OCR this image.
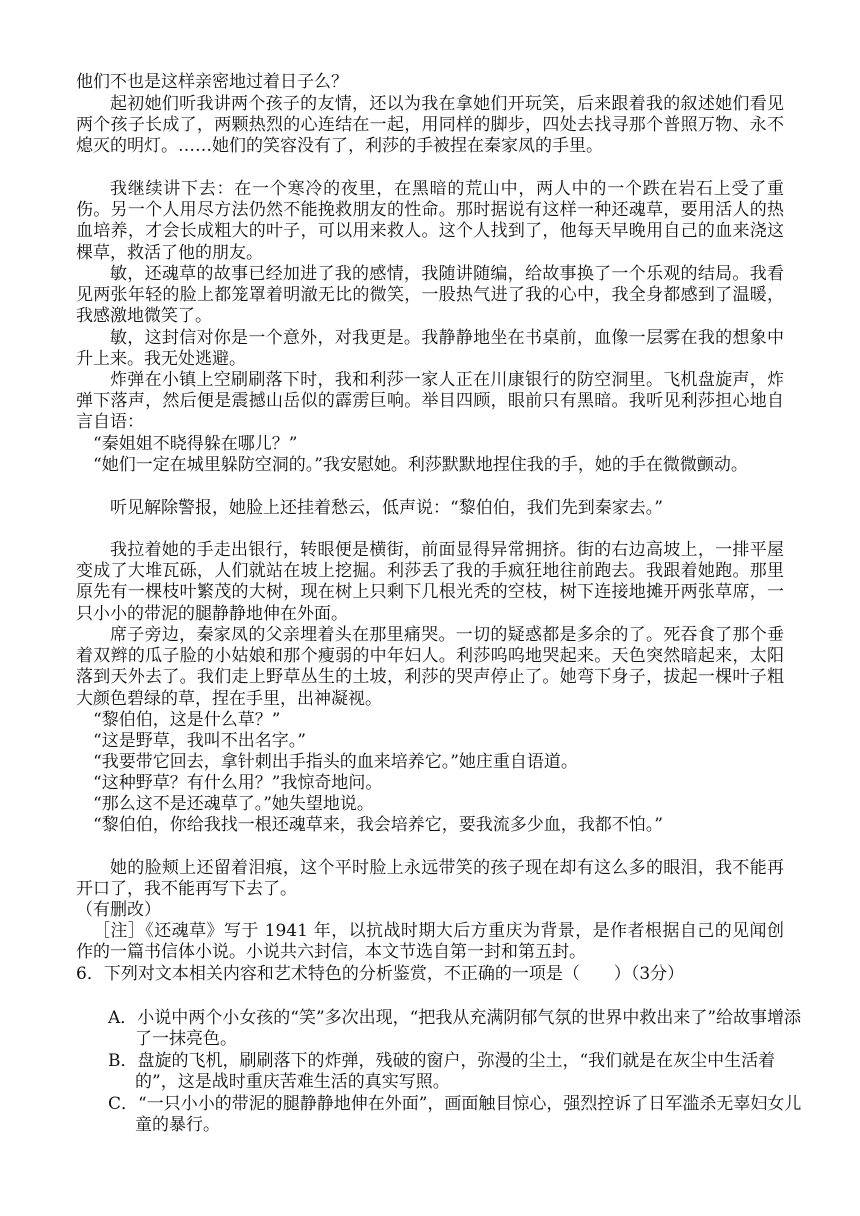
他们不也是这样亲密地过着日子么？

起初她们听我讲两个孩子的友情，还以为我在拿她们开玩笑，后来跟着我的叙述她们看见两个孩子长成了，两颗热烈的心连结在一起，用同样的脚步，四处去找寻那个普照万物、永不熄灭的明灯。……她们的笑容没有了，利莎的手被捏在秦家凤的手里。

我继续讲下去：在一个寒冷的夜里，在黑暗的荒山中，两人中的一个跌在岩石上受了重伤。另一个人用尽方法仍然不能挽救朋友的性命。那时据说有这样一种还魂草，要用活人的热血培养，才会长成粗大的叶子，可以用来救人。这个人找到了，他每天早晚用自己的血来浇这棵草，救活了他的朋友。

敏，还魂草的故事已经加进了我的感情，我随讲随编，给故事换了一个乐观的结局。我看见两张年轻的脸上都笼罩着明澈无比的微笑，一股热气进了我的心中，我全身都感到了温暖，我感激地微笑了。

敏，这封信对你是一个意外，对我更是。我静静地坐在书桌前，血像一层雾在我的想象中升上来。我无处逃避。

炸弹在小镇上空刷刷落下时，我和利莎一家人正在川康银行的防空洞里。飞机盘旋声，炸弹下落声，然后便是震撼山岳似的霹雳巨响。举目四顾，眼前只有黑暗。我听见利莎担心地自言自语：

“秦姐姐不晓得躲在哪儿？”

“她们一定在城里躲防空洞的。”我安慰她。利莎默默地捏住我的手，她的手在微微颤动。

听见解除警报，她脸上还挂着愁云，低声说：“黎伯伯，我们先到秦家去。”

我拉着她的手走出银行，转眼便是横街，前面显得异常拥挤。街的右边高坡上，一排平屋变成了大堆瓦砾，人们就站在坡上挖掘。利莎丢了我的手疯狂地往前跑去。我跟着她跑。那里原先有一棵枝叶繁茂的大树，现在树上只剩下几根光秃的空枝，树下连接地摊开两张草席，一只小小的带泥的腿静静地伸在外面。

席子旁边，秦家凤的父亲埋着头在那里痛哭。一切的疑惑都是多余的了。死吞食了那个垂着双辫的瓜子脸的小姑娘和那个瘦弱的中年妇人。利莎呜呜地哭起来。天色突然暗起来，太阳落到天外去了。我们走上野草丛生的土坡，利莎的哭声停止了。她弯下身子，拔起一棵叶子粗大颜色碧绿的草，捏在手里，出神凝视。

“黎伯伯，这是什么草？”

“这是野草，我叫不出名字。”

“我要带它回去，拿针刺出手指头的血来培养它。”她庄重自语道。

“这种野草？有什么用？”我惊奇地问。

“那么这不是还魂草了。”她失望地说。

“黎伯伯，你给我找一根还魂草来，我会培养它，要我流多少血，我都不怕。”

她的脸颊上还留着泪痕，这个平时脸上永远带笑的孩子现在却有这么多的眼泪，我不能再开口了，我不能再写下去了。

（有删改）

［注］《还魂草》写于 1941 年，以抗战时期大后方重庆为背景，是作者根据自己的见闻创作的一篇书信体小说。小说共六封信，本文节选自第一封和第五封。

6．下列对文本相关内容和艺术特色的分析鉴赏，不正确的一项是（　　）（3分）

A．小说中两个小女孩的“笑”多次出现，“把我从充满阴郁气氛的世界中救出来了”给故事增添了一抹亮色。

B．盘旋的飞机，刷刷落下的炸弹，残破的窗户，弥漫的尘土，“我们就是在灰尘中生活着的”，这是战时重庆苦难生活的真实写照。

C．“一只小小的带泥的腿静静地伸在外面”，画面触目惊心，强烈控诉了日军滥杀无辜妇女儿童的暴行。
